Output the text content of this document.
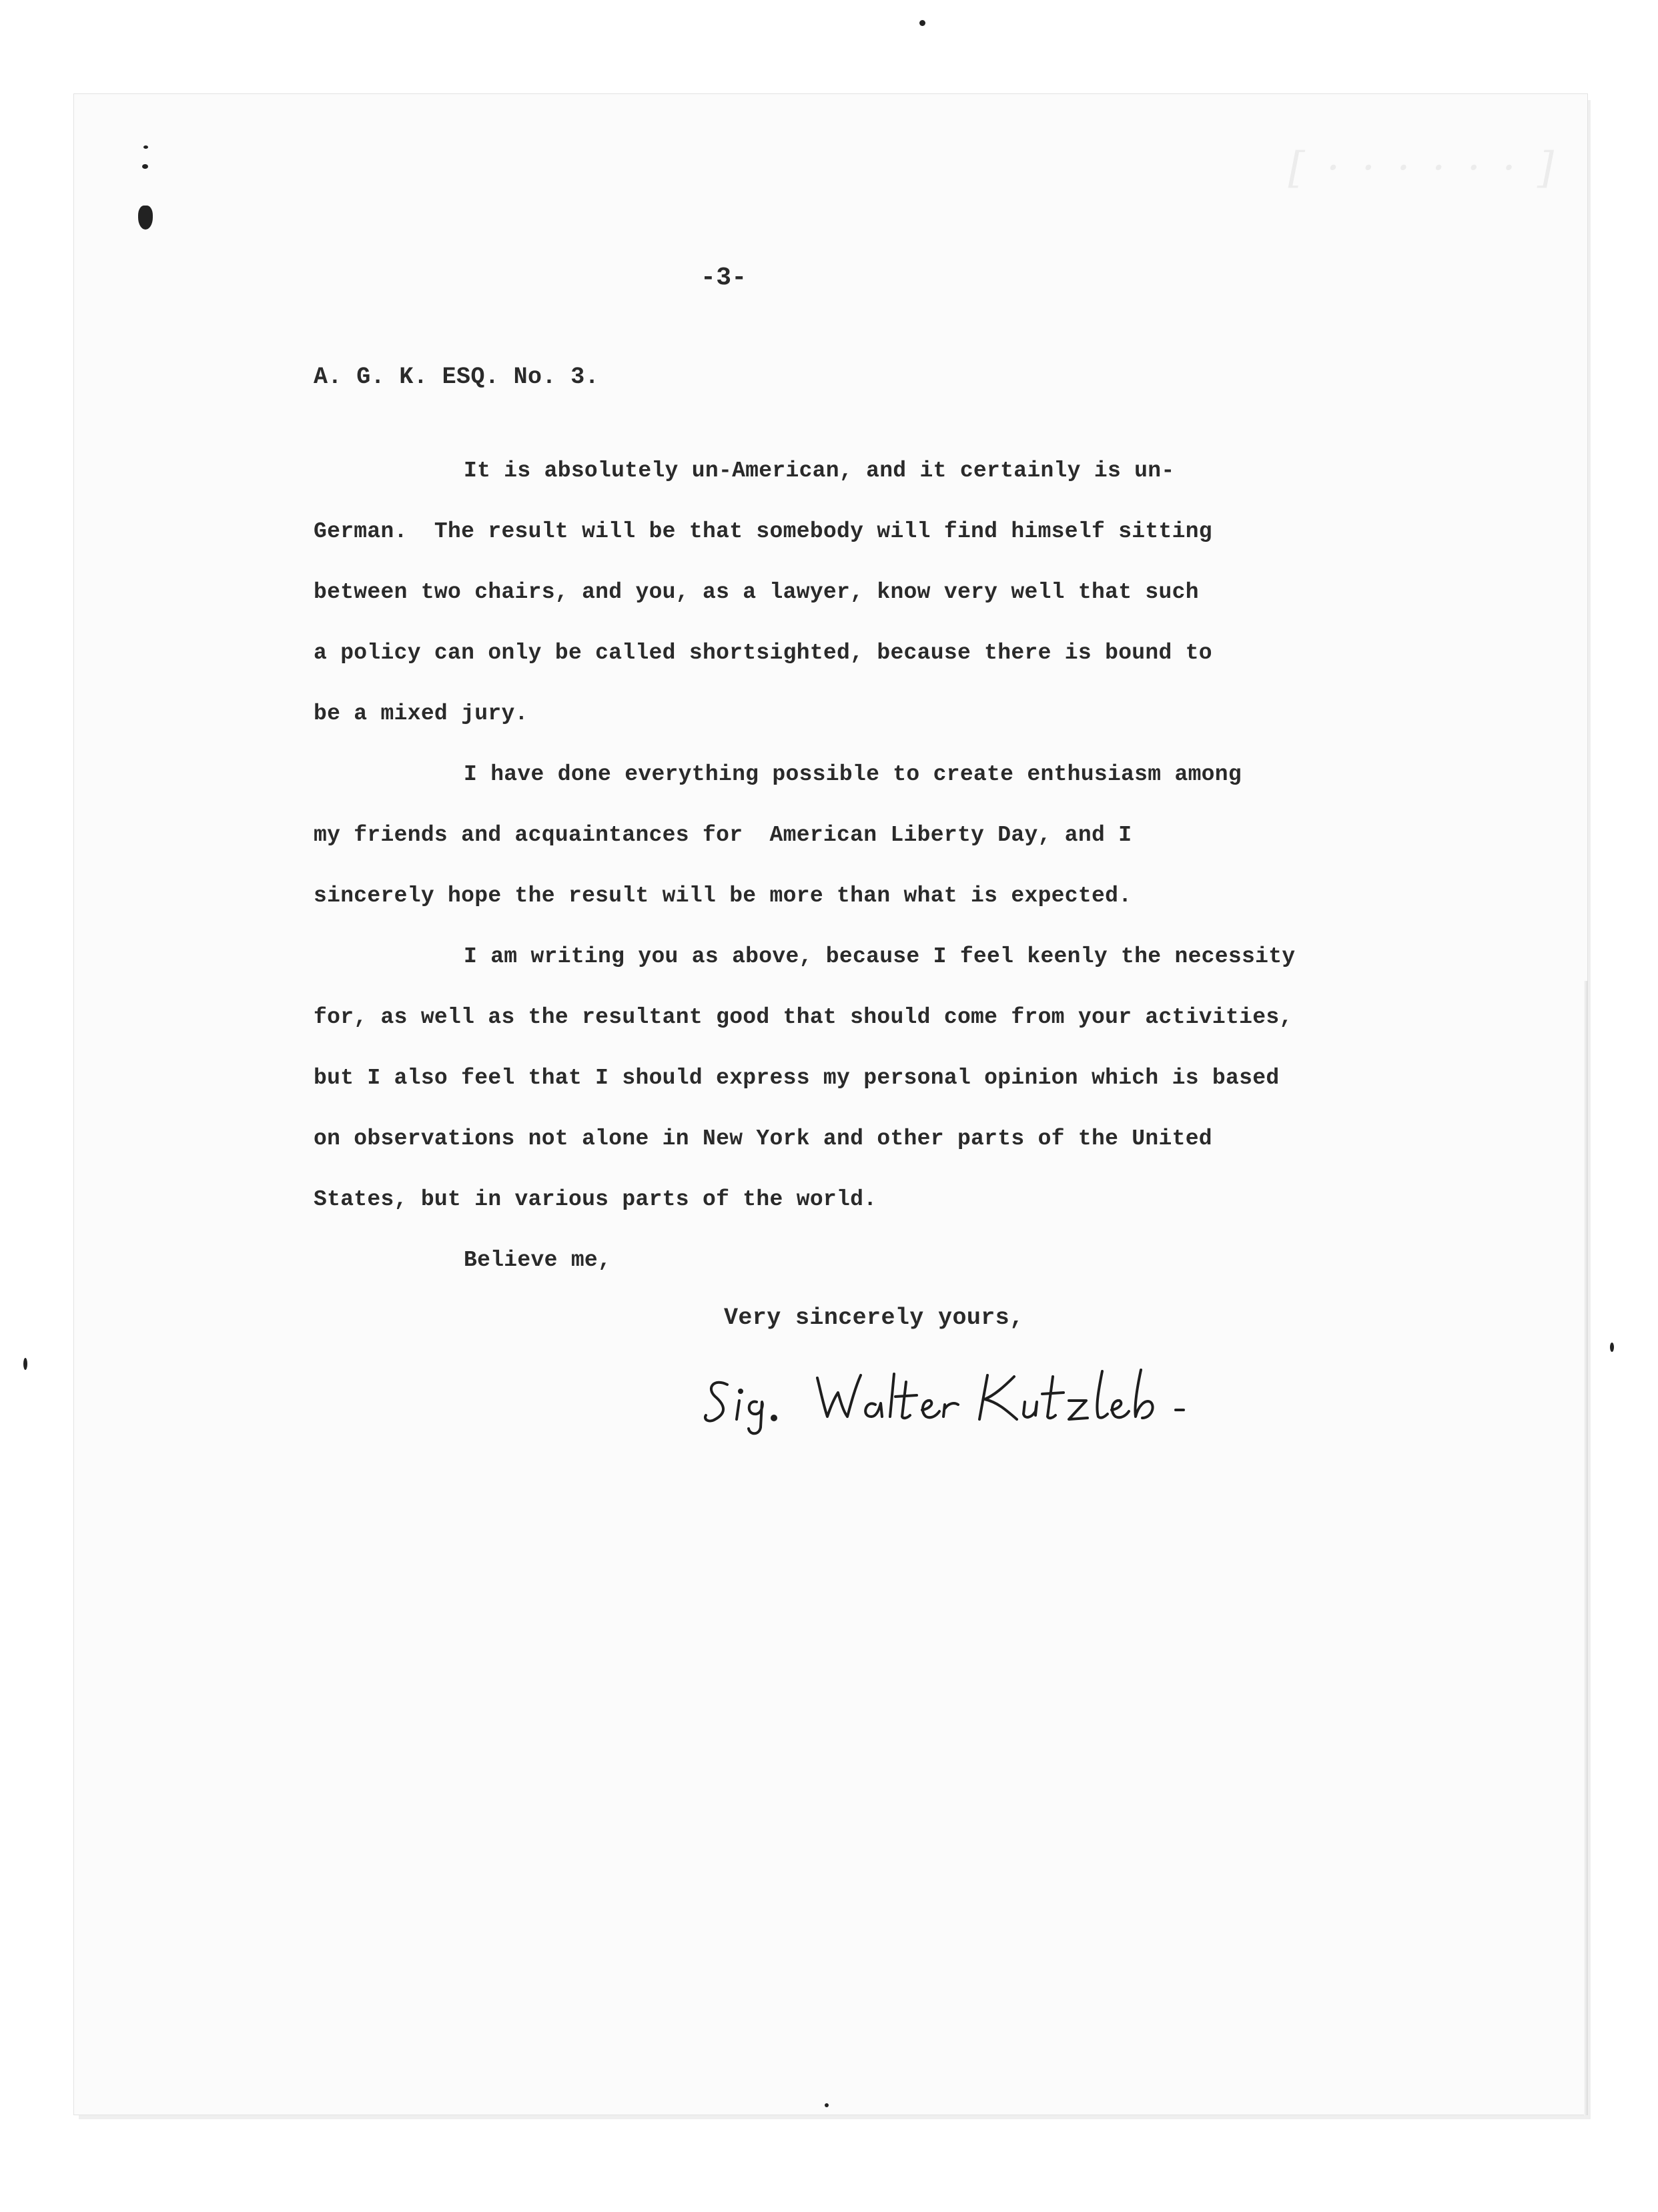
[ · · · · · · ]
-3-
A. G. K. ESQ. No. 3.
It is absolutely un-American, and it certainly is un-
German.  The result will be that somebody will find himself sitting
between two chairs, and you, as a lawyer, know very well that such
a policy can only be called shortsighted, because there is bound to
be a mixed jury.
I have done everything possible to create enthusiasm among
my friends and acquaintances for  American Liberty Day, and I
sincerely hope the result will be more than what is expected.
I am writing you as above, because I feel keenly the necessity
for, as well as the resultant good that should come from your activities,
but I also feel that I should express my personal opinion which is based
on observations not alone in New York and other parts of the United
States, but in various parts of the world.
Believe me,
Very sincerely yours,
